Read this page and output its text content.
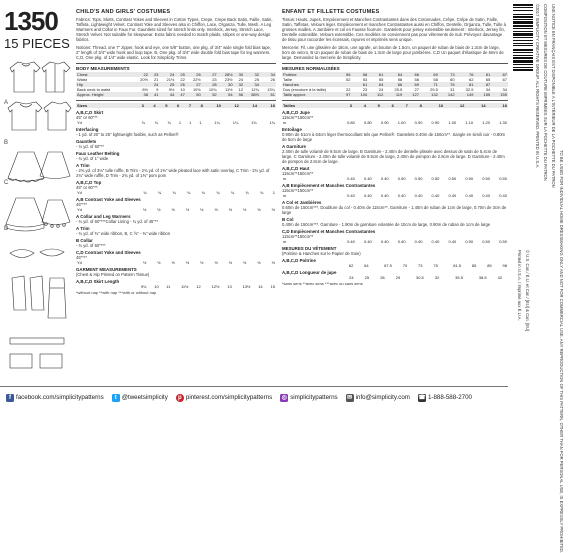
1350
15 PIECES
A
B
C
D
CHILD'S AND GIRLS' COSTUMES
Fabrics: Tops, Skirts, Contrast Yokes and Sleeves in Cotton Types, Crepe, Crepe Back Satin, Faille, Satin, Taffeta, Lightweight Velvet. Contrast Yoke and Sleeves also in Chiffon, Lace, Organza, Tulle, Mesh. A Leg Warmers and Collar in Faux Fur. Gauntlets sized for stretch knits only. Interlock, Jersey, Stretch Lace, Stretch Velvet. Not suitable for sleepwear. Extra fabric needed to match plaids, stripes or one-way design fabrics.
Notions: Thread, one 7" zipper, hook and eye, one 5/8" button, one pkg. of 3/4" wide single fold bias tape, 2" length of 3/4" wide hook and loop tape. B, One pkg. of 3/4" wide double fold bias tape for leg warmers. C,D, One pkg. of 1/4" wide elastic. Look for Simplicity Trims.
BODY MEASUREMENTS
Chest	22	23	24	25	26	27	28½	30	32	34
Waist	20½	21	21½	22	22½	23	23½	24	25	26
Hip		24	25	26	27	28	30	32	34	
Back neck to waist	8½	9	9½	10	10½	10¾	11½	12	12¾	13¼
Approx. Height	38	41	44	47	50	52	54	56	58½	61
Sizes	3	4	5	6	7	8	10	12	14	16
A,B,C,D Skirt
45" or 60"**
Yd	¾	¾	¾	1	1	1	1¼	1¼	1¾	1¾
Interfacing
- 1 yd. of 20" to 25" lightweight fusible, such as Pellon®
Gauntlets
- ¾ yd. of 60"**
Faux Leather Belting
- ¾ yd. of 1" wide
A Trim
- 2¾ yd. of 3⅛" tulle ruffle, B Trim - 2¾ yd. of 1⅜" wide pleated lace with satin overlay, C Trim - 2¾ yd. of 2¾" wide ruffle, D Trim - 2¾ yd. of 1⅜" pom pom
A,B,C,D Top
45" or 60"**
Yd	¾	¾	¾	¾	¾	¾	¾	¾	¾	1
A,B Contrast Yoke and Sleeves
45"***
Yd	½	½	½	½	½	½	½	½	½	½
A Collar and Leg Warmers
- ¾ yd. of 60"***Collar Lining - ¾ yd. of 45"**
A Trim
- ¾ yd. of ⅜" wide ribbon, B, C ⅝" - ⅜" wide ribbon
B Collar
- ¾ yd. of 60"***
C,D Contrast Yoke and Sleeves
45"***
Yd	½	½	½	½	½	½	½	½	½	½
GARMENT MEASUREMENTS
(Chest & Hip Printed on Pattern Tissue)
A,B,C,D Skirt Length
	9¾	10	11	11½	12	12½	13	13½	14	15
*without nap **with nap ***with or without nap
ENFANT ET FILLETTE COSTUMES
Tissus: Hauts, Jupes, Empiècement et Manches Contrastantes dans des Cotonnades, Crêpe, Crêpe de Satin, Faille, Satin, Taffetas, Velours léger. Empiècement et manches Contrastantes aussi en Chiffon, Dentelle, Organza, Tulle, Tulle à grosses mailles. A Jambière et col en Fausse fourrure. Gantelets pour jersey extensible seulement : Interlock, Jersey fin, Dentelle extensible, Velours extensible. Ces modèles ne conviennent pas pour vêtements de nuit. Prévoyez davantage de tissu pour raccorder les écossais, rayures et imprimés sens unique.
Mercerie: Fil, une glissière de 18cm, une agrafe, un bouton de 1.5cm, un paquet de ruban de biais de 1.3cm de large, 5cm de velcro, B Un paquet de ruban de biais de 1.3cm de large pour jambières. C,D Un paquet d'élastique de 6mm de large. Demandez la mercerie de Simplicity.
MESURES NORMALISÉES
Poitrine	56	58	61	64	66	69	73	76	81	87
Taille	52	53	55	56	58	58	60	62	65	67
Hanches		61	64	66	69	71	76	81	87	
Dos (encolure à la taille)	22	23	24	25.5	27	29.5	31	32.5	34	34
Taille approx	97	104	112	119	127	132	142	149	155	155
Tailles	3	4	5	6	7	8	10	12	14	16
A,B,C,D Jupe
115cm**150cm**
m	0.80	0.80	0.90	1.00	0.90	0.90	1.00	1.10	1.20	1.30
Entoilage
0.90m de 51cm à 64cm léger thermocollant tels que Pellon®. Gantelets 0.40m de 150cm**. Sangle en simili cuir - 0.80m de 5cm de large
A Garniture
2.40m de tulle volanté de 9.5cm de large. B Garniture - 2.40m de dentelle plissée avec dessus de satin de 5.4cm de large. C Garniture - 2.40m de tulle volanté de 9.5cm de large, 2.40m de pompon de 2.8cm de large. D Garniture - 2.40m de pompon de 2.8cm de large.
A,B,C,D Haut
115cm**150cm**
m	0.40	0.40	0.40	0.50	0.50	0.50	0.50	0.50	0.50	0.50
A,B Empiècement et Manches Contrastantes
115cm**150cm**
m	0.40	0.40	0.40	0.40	0.40	0.40	0.40	0.40	0.40	0.40
A Col et Jambières
0.60m de 150cm***. Doublure du col - 0.40m de 115cm**. Garniture - 1.40m de ruban de 1cm de large, 0.70m de 3cm de large
B Col
0.40m de 150cm***. Garniture - 1.90m de garniture volantée de 10cm de large, 0.90m de ruban de 1cm de large
C,D Empiècement et Manches Contrastantes
115cm**150cm**
m	0.40	0.40	0.40	0.40	0.40	0.40	0.40	0.50	0.50	0.50
MESURES DU VÊTEMENT
(Poitrine & Hanches sur le Papier de Soie)
A,B,C,D Poitrine
	62	64	67.5	70	73	75	81.5	85	89	98
A,B,C,D Longueur de jupe
	24	25	28	29	30.5	32	35.5	38.5	42	
*sans sens **avec sens ***avec ou sans sens
©2017 SIMPLICITY CREATIVE GROUP. ALL RIGHTS RESERVED. PRINTED IN U.S.A. COMPOSITION ET MESURES DE COUTURE IMPRIMÉES SUR LA POCHETTE DU PATRON UNE NOTICE EN FRANÇAIS EST DISPONIBLE À L'INTÉRIEUR DE LA POCHETTE DU PATRON
TO BE USED FOR INDIVIDUAL HOME DRESSMAKING ONLY AND NOT FOR COMMERCIAL USE. ANY REPRODUCTION OF THIS PATTERN, OTHER THAN FOR PERSONAL USE, IS EXPRESSLY PROHIBITED.
Printed in U.S.A. / Imprimé aux É.U.A. © U.S. Can./ É.U. et Can./ [EU] & Can. [EU]
f facebook.com/simplicitypatterns	t @tweetsimplicity	p pinterest.com/simplicitypatterns ◎ simplicitypatterns ✉ info@simplicity.com ☎ 1-888-588-2700
